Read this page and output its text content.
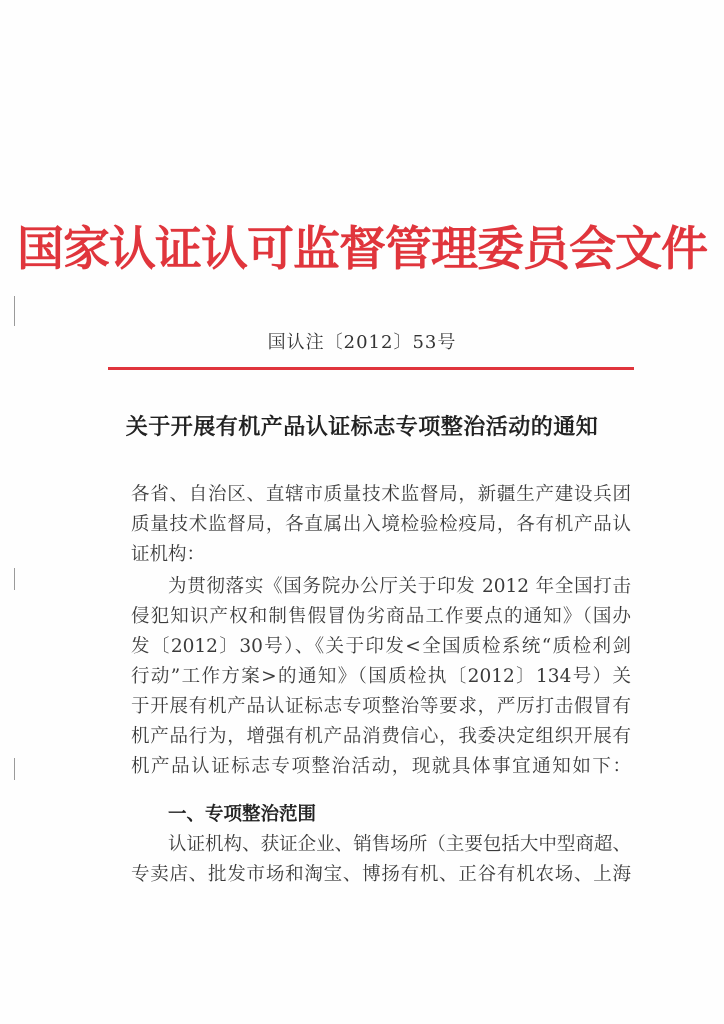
国家认证认可监督管理委员会文件
国认注〔2012〕53号
关于开展有机产品认证标志专项整治活动的通知
各省、自治区、直辖市质量技术监督局，新疆生产建设兵团
质量技术监督局，各直属出入境检验检疫局，各有机产品认
证机构：
为贯彻落实《国务院办公厅关于印发 2012 年全国打击
侵犯知识产权和制售假冒伪劣商品工作要点的通知》（国办
发〔2012〕30号）、《关于印发<全国质检系统“质检利剑
行动”工作方案>的通知》（国质检执〔2012〕134号）关
于开展有机产品认证标志专项整治等要求，严厉打击假冒有
机产品行为，增强有机产品消费信心，我委决定组织开展有
机产品认证标志专项整治活动，现就具体事宜通知如下：
一、专项整治范围
认证机构、获证企业、销售场所（主要包括大中型商超、
专卖店、批发市场和淘宝、博扬有机、正谷有机农场、上海
